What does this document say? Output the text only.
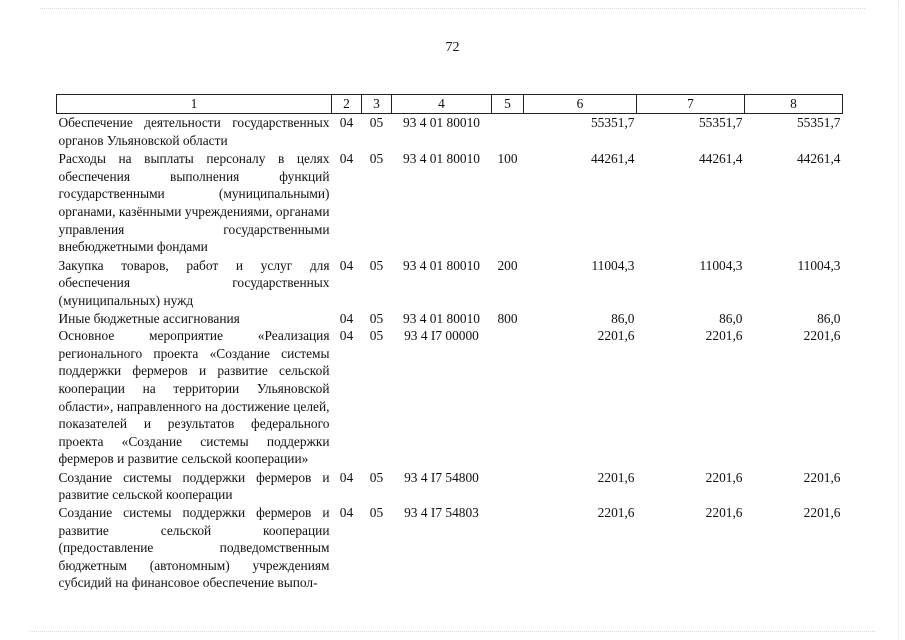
72
1	2	3	4	5	6	7	8
Обеспечение деятельности государственных органов Ульяновской области	04	05	93 4 01 80010		55351,7	55351,7	55351,7
Расходы на выплаты персоналу в целях обеспечения выполнения функций государственными (муниципальными) органами, казёнными учреждениями, органами управления государственными внебюджетными фондами	04	05	93 4 01 80010	100	44261,4	44261,4	44261,4
Закупка товаров, работ и услуг для обеспечения государственных (муниципальных) нужд	04	05	93 4 01 80010	200	11004,3	11004,3	11004,3
Иные бюджетные ассигнования	04	05	93 4 01 80010	800	86,0	86,0	86,0
Основное мероприятие «Реализация регионального проекта «Создание системы поддержки фермеров и развитие сельской кооперации на территории Ульяновской области», направленного на достижение целей, показателей и результатов федерального проекта «Создание системы поддержки фермеров и развитие сельской кооперации»	04	05	93 4 I7 00000		2201,6	2201,6	2201,6
Создание системы поддержки фермеров и развитие сельской кооперации	04	05	93 4 I7 54800		2201,6	2201,6	2201,6
Создание системы поддержки фермеров и развитие сельской кооперации (предоставление подведомственным бюджетным (автономным) учреждениям субсидий на финансовое обеспечение выпол-	04	05	93 4 I7 54803		2201,6	2201,6	2201,6
